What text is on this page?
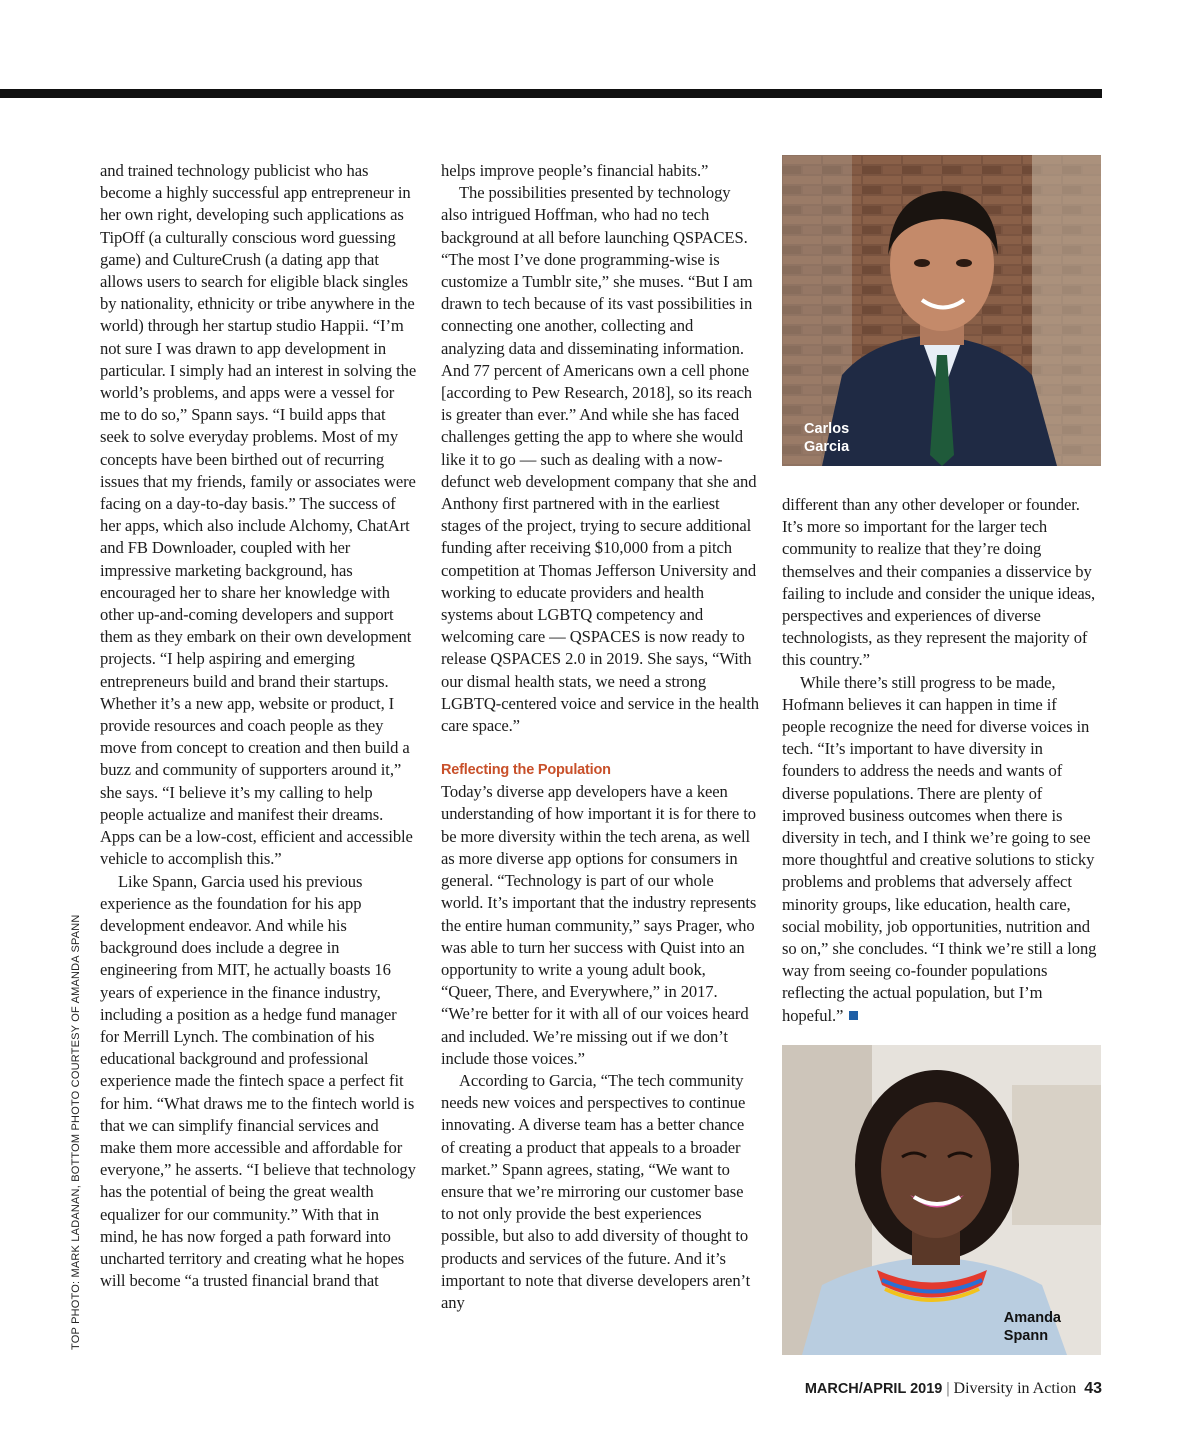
TOP PHOTO: MARK LADANAN, BOTTOM PHOTO COURTESY OF AMANDA SPANN

and trained technology publicist who has become a highly successful app entrepreneur in her own right, developing such applications as TipOff (a culturally conscious word guessing game) and CultureCrush (a dating app that allows users to search for eligible black singles by nationality, ethnicity or tribe anywhere in the world) through her startup studio Happii. “I’m not sure I was drawn to app development in particular. I simply had an interest in solving the world’s problems, and apps were a vessel for me to do so,” Spann says. “I build apps that seek to solve everyday problems. Most of my concepts have been birthed out of recurring issues that my friends, family or associates were facing on a day-to-day basis.” The success of her apps, which also include Alchomy, ChatArt and FB Downloader, coupled with her impressive marketing background, has encouraged her to share her knowledge with other up-and-coming developers and support them as they embark on their own development projects. “I help aspiring and emerging entrepreneurs build and brand their startups. Whether it’s a new app, website or product, I provide resources and coach people as they move from concept to creation and then build a buzz and community of supporters around it,” she says. “I believe it’s my calling to help people actualize and manifest their dreams. Apps can be a low-cost, efficient and accessible vehicle to accomplish this.”

Like Spann, Garcia used his previous experience as the foundation for his app development endeavor. And while his background does include a degree in engineering from MIT, he actually boasts 16 years of experience in the finance industry, including a position as a hedge fund manager for Merrill Lynch. The combination of his educational background and professional experience made the fintech space a perfect fit for him. “What draws me to the fintech world is that we can simplify financial services and make them more accessible and affordable for everyone,” he asserts. “I believe that technology has the potential of being the great wealth equalizer for our community.” With that in mind, he has now forged a path forward into uncharted territory and creating what he hopes will become “a trusted financial brand that

helps improve people’s financial habits.”

The possibilities presented by technology also intrigued Hoffman, who had no tech background at all before launching QSPACES. “The most I’ve done programming-wise is customize a Tumblr site,” she muses. “But I am drawn to tech because of its vast possibilities in connecting one another, collecting and analyzing data and disseminating information. And 77 percent of Americans own a cell phone [according to Pew Research, 2018], so its reach is greater than ever.” And while she has faced challenges getting the app to where she would like it to go — such as dealing with a now-defunct web development company that she and Anthony first partnered with in the earliest stages of the project, trying to secure additional funding after receiving $10,000 from a pitch competition at Thomas Jefferson University and working to educate providers and health systems about LGBTQ competency and welcoming care — QSPACES is now ready to release QSPACES 2.0 in 2019. She says, “With our dismal health stats, we need a strong LGBTQ-centered voice and service in the health care space.”

Reflecting the Population

Today’s diverse app developers have a keen understanding of how important it is for there to be more diversity within the tech arena, as well as more diverse app options for consumers in general. “Technology is part of our whole world. It’s important that the industry represents the entire human community,” says Prager, who was able to turn her success with Quist into an opportunity to write a young adult book, “Queer, There, and Everywhere,” in 2017. “We’re better for it with all of our voices heard and included. We’re missing out if we don’t include those voices.”

According to Garcia, “The tech community needs new voices and perspectives to continue innovating. A diverse team has a better chance of creating a product that appeals to a broader market.” Spann agrees, stating, “We want to ensure that we’re mirroring our customer base to not only provide the best experiences possible, but also to add diversity of thought to products and services of the future. And it’s important to note that diverse developers aren’t any

Carlos
Garcia

different than any other developer or founder. It’s more so important for the larger tech community to realize that they’re doing themselves and their companies a disservice by failing to include and consider the unique ideas, perspectives and experiences of diverse technologists, as they represent the majority of this country.”

While there’s still progress to be made, Hofmann believes it can happen in time if people recognize the need for diverse voices in tech. “It’s important to have diversity in founders to address the needs and wants of diverse populations. There are plenty of improved business outcomes when there is diversity in tech, and I think we’re going to see more thoughtful and creative solutions to sticky problems and problems that adversely affect minority groups, like education, health care, social mobility, job opportunities, nutrition and so on,” she concludes. “I think we’re still a long way from seeing co-founder populations reflecting the actual population, but I’m hopeful.”

Amanda
Spann
MARCH/APRIL 2019 | Diversity in Action 43
